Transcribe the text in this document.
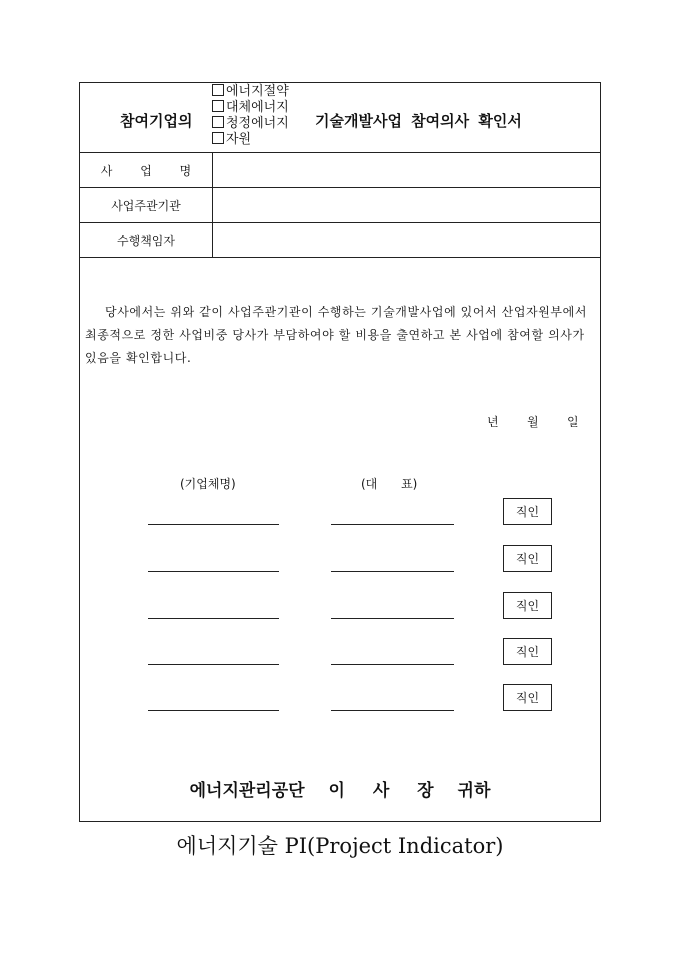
참여기업의
에너지절약
대체에너지
청정에너지
자원
기술개발사업 참여의사 확인서
사 업 명
사업주관기관
수행책임자
당사에서는 위와 같이 사업주관기관이 수행하는 기술개발사업에 있어서 산업자원부에서 최종적으로 정한 사업비중 당사가 부담하여야 할 비용을 출연하고 본 사업에 참여할 의사가 있음을 확인합니다.
년 월 일
(기업체명)	(대 표)
직인
직인
직인
직인
직인
에너지관리공단 이 사 장 귀하
에너지기술 PI(Project Indicator)
